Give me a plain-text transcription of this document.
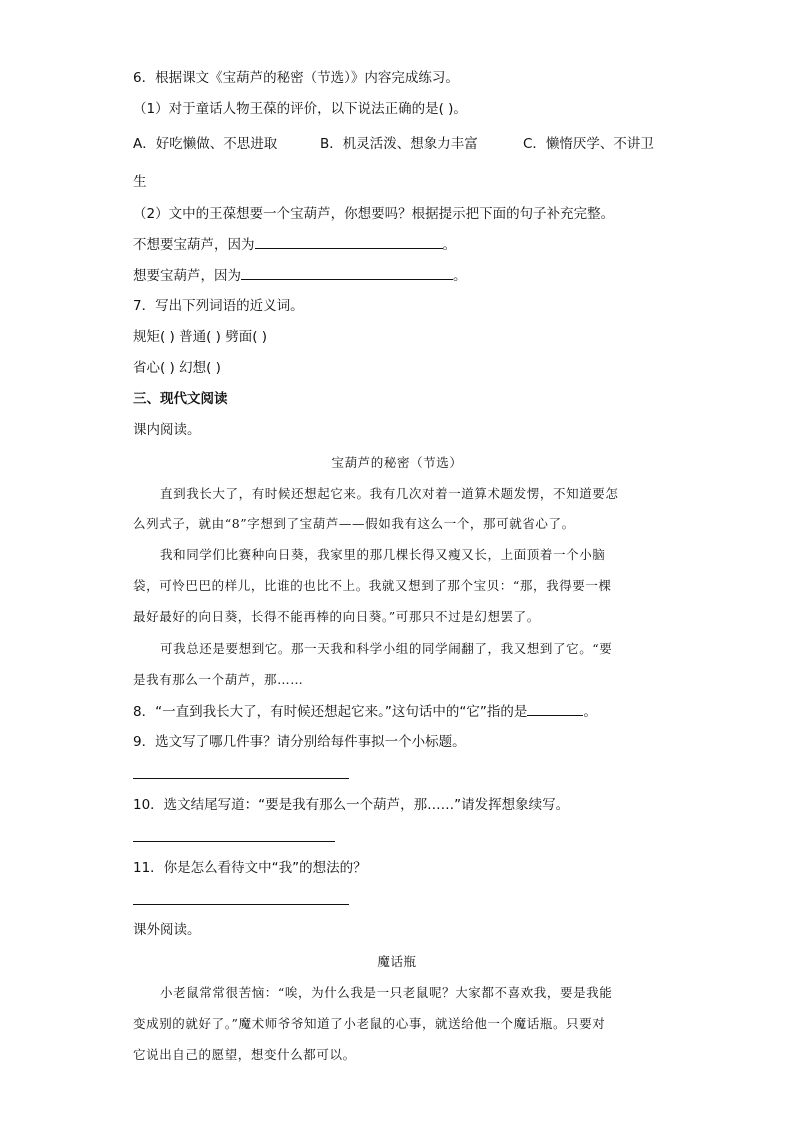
6．根据课文《宝葫芦的秘密（节选）》内容完成练习。
（1）对于童话人物王葆的评价，以下说法正确的是( )。
A．好吃懒做、不思进取	B．机灵活泼、想象力丰富	C．懒惰厌学、不讲卫
生
（2）文中的王葆想要一个宝葫芦，你想要吗？根据提示把下面的句子补充完整。
不想要宝葫芦，因为	。
想要宝葫芦，因为	。
7．写出下列词语的近义词。
规矩( ) 普通( ) 劈面( )
省心( ) 幻想( )
三、现代文阅读
课内阅读。
宝葫芦的秘密（节选）
直到我长大了，有时候还想起它来。我有几次对着一道算术题发愣，不知道要怎
么列式子，就由“8”字想到了宝葫芦——假如我有这么一个，那可就省心了。
我和同学们比赛种向日葵，我家里的那几棵长得又瘦又长，上面顶着一个小脑
袋，可怜巴巴的样儿，比谁的也比不上。我就又想到了那个宝贝：“那，我得要一棵
最好最好的向日葵，长得不能再棒的向日葵。”可那只不过是幻想罢了。
可我总还是要想到它。那一天我和科学小组的同学闹翻了，我又想到了它。“要
是我有那么一个葫芦，那……
8．“一直到我长大了，有时候还想起它来。”这句话中的“它”指的是	。
9．选文写了哪几件事？请分别给每件事拟一个小标题。
10．选文结尾写道：“要是我有那么一个葫芦，那……”请发挥想象续写。
11．你是怎么看待文中“我”的想法的？
课外阅读。
魔话瓶
小老鼠常常很苦恼：“唉，为什么我是一只老鼠呢？大家都不喜欢我，要是我能
变成别的就好了。”魔术师爷爷知道了小老鼠的心事，就送给他一个魔话瓶。只要对
它说出自己的愿望，想变什么都可以。
